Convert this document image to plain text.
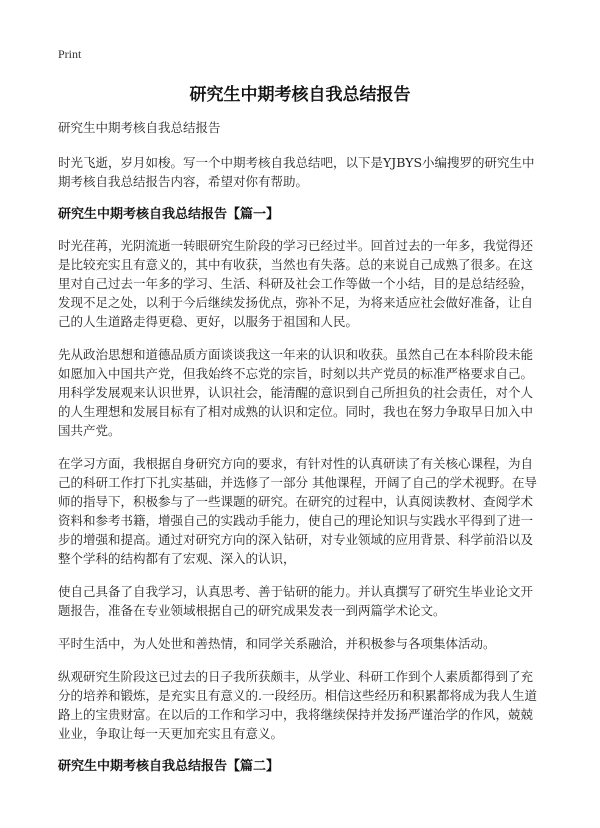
Print
研究生中期考核自我总结报告

研究生中期考核自我总结报告

时光飞逝，岁月如梭。写一个中期考核自我总结吧，以下是YJBYS小编搜罗的研究生中期考核自我总结报告内容，希望对你有帮助。

研究生中期考核自我总结报告【篇一】

时光荏苒，光阴流逝一转眼研究生阶段的学习已经过半。回首过去的一年多，我觉得还是比较充实且有意义的，其中有收获，当然也有失落。总的来说自己成熟了很多。在这里对自己过去一年多的学习、生活、科研及社会工作等做一个小结，目的是总结经验，发现不足之处，以利于今后继续发扬优点，弥补不足，为将来适应社会做好准备，让自己的人生道路走得更稳、更好，以服务于祖国和人民。

先从政治思想和道德品质方面谈谈我这一年来的认识和收获。虽然自己在本科阶段未能如愿加入中国共产党，但我始终不忘党的宗旨，时刻以共产党员的标准严格要求自己。用科学发展观来认识世界，认识社会，能清醒的意识到自己所担负的社会责任，对个人的人生理想和发展目标有了相对成熟的认识和定位。同时，我也在努力争取早日加入中国共产党。

在学习方面，我根据自身研究方向的要求，有针对性的认真研读了有关核心课程，为自己的科研工作打下扎实基础，并选修了一部分 其他课程，开阔了自己的学术视野。在导师的指导下，积极参与了一些课题的研究。在研究的过程中，认真阅读教材、查阅学术资料和参考书籍，增强自己的实践动手能力，使自己的理论知识与实践水平得到了进一步的增强和提高。通过对研究方向的深入钻研，对专业领域的应用背景、科学前沿以及整个学科的结构都有了宏观、深入的认识，

使自己具备了自我学习，认真思考、善于钻研的能力。并认真撰写了研究生毕业论文开题报告，准备在专业领域根据自己的研究成果发表一到两篇学术论文。

平时生活中，为人处世和善热情，和同学关系融洽，并积极参与各项集体活动。

纵观研究生阶段这已过去的日子我所获颇丰，从学业、科研工作到个人素质都得到了充分的培养和锻炼，是充实且有意义的.一段经历。相信这些经历和积累都将成为我人生道路上的宝贵财富。在以后的工作和学习中，我将继续保持并发扬严谨治学的作风，兢兢业业，争取让每一天更加充实且有意义。

研究生中期考核自我总结报告【篇二】
